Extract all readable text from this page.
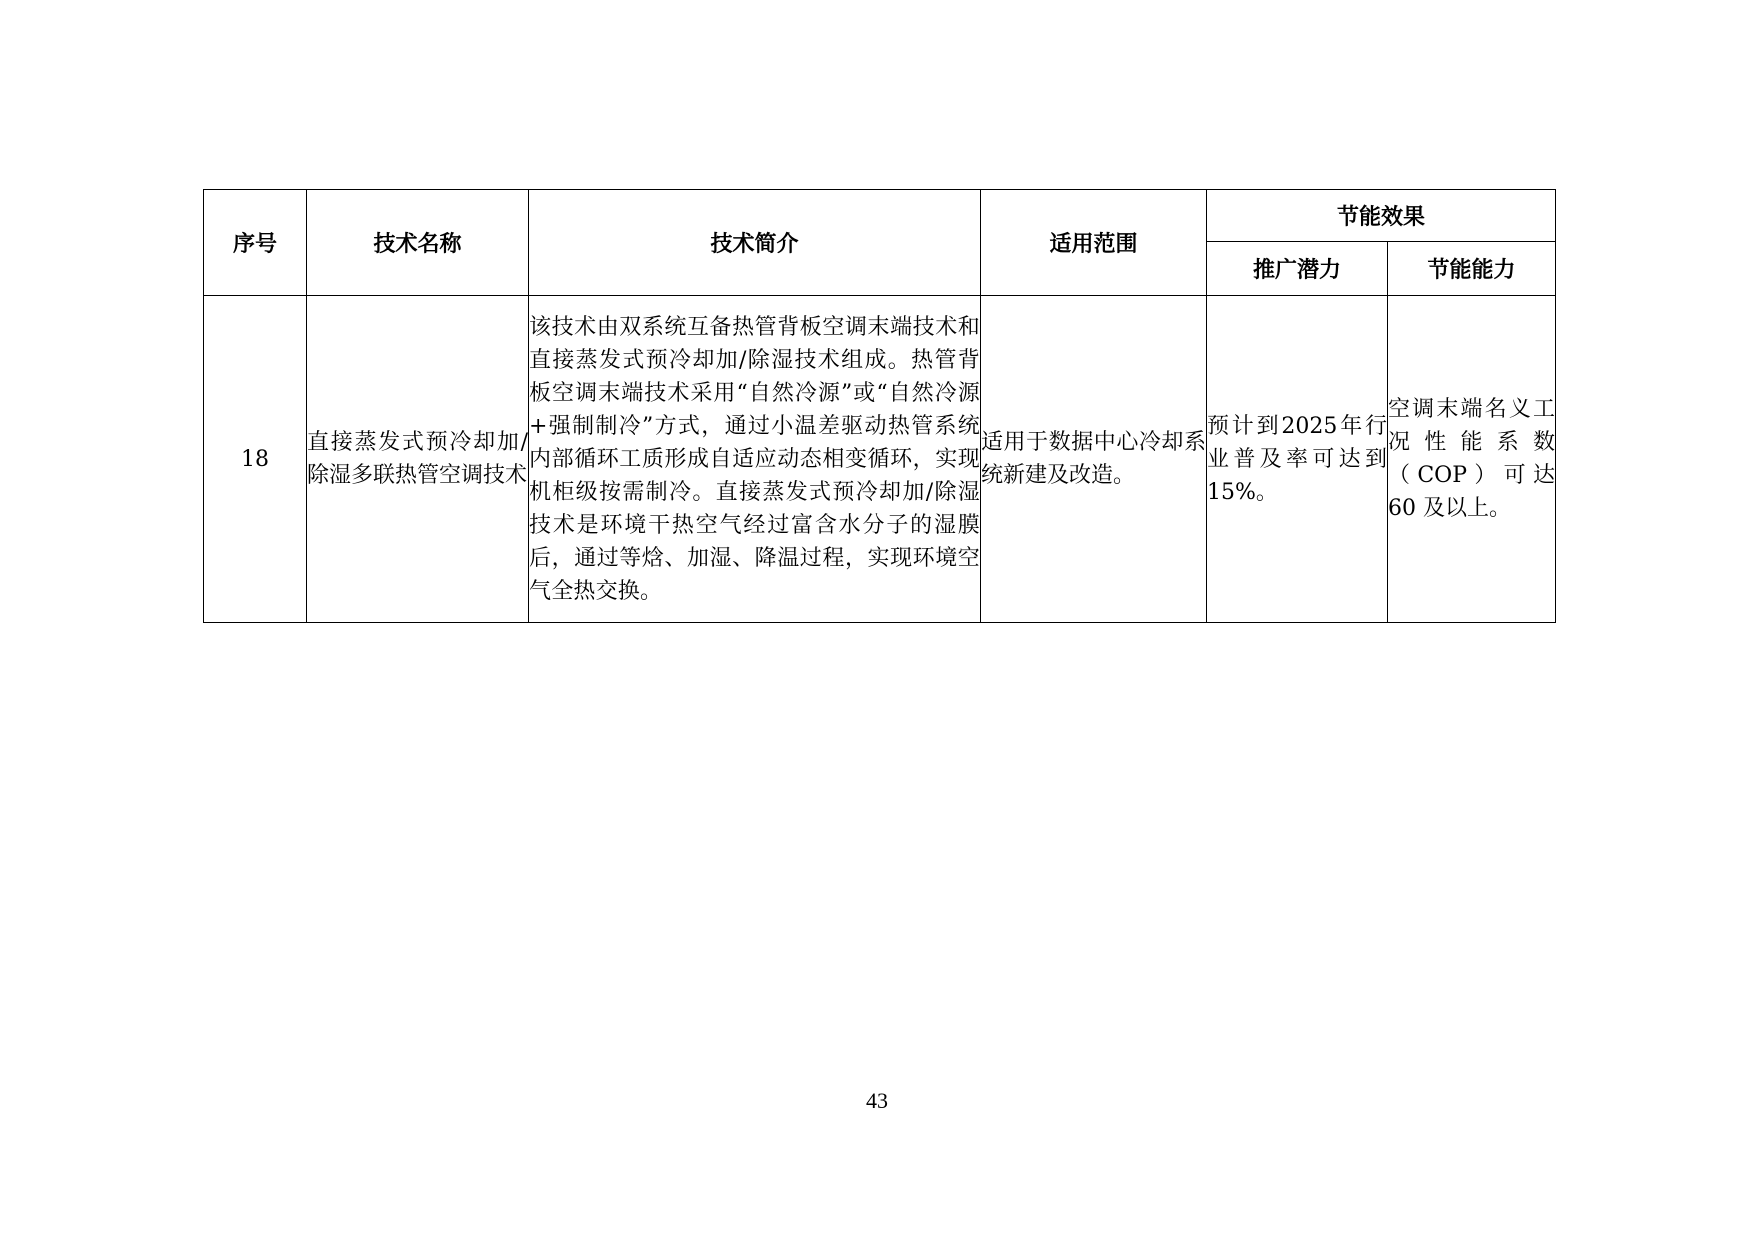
序号	技术名称	技术简介	适用范围	节能效果	
				推广潜力	节能能力
18	直接蒸发式预冷却加/除湿多联热管空调技术	该技术由双系统互备热管背板空调末端技术和直接蒸发式预冷却加/除湿技术组成。热管背板空调末端技术采用“自然冷源”或“自然冷源+强制制冷”方式，通过小温差驱动热管系统内部循环工质形成自适应动态相变循环，实现机柜级按需制冷。直接蒸发式预冷却加/除湿技术是环境干热空气经过富含水分子的湿膜后，通过等焓、加湿、降温过程，实现环境空气全热交换。	适用于数据中心冷却系统新建及改造。	预计到2025年行业普及率可达到15%。	空调末端名义工况性能系数（COP）可达 60 及以上。
43
